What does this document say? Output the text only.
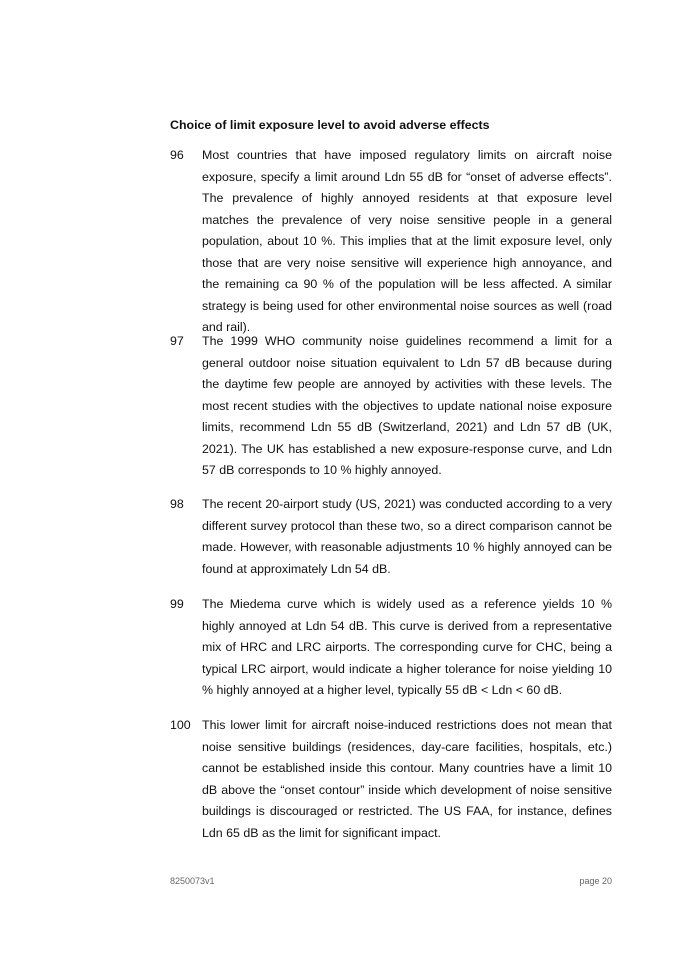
Choice of limit exposure level to avoid adverse effects
96	Most countries that have imposed regulatory limits on aircraft noise exposure, specify a limit around Ldn 55 dB for “onset of adverse effects”. The prevalence of highly annoyed residents at that exposure level matches the prevalence of very noise sensitive people in a general population, about 10 %. This implies that at the limit exposure level, only those that are very noise sensitive will experience high annoyance, and the remaining ca 90 % of the population will be less affected. A similar strategy is being used for other environmental noise sources as well (road and rail).
97	The 1999 WHO community noise guidelines recommend a limit for a general outdoor noise situation equivalent to Ldn 57 dB because during the daytime few people are annoyed by activities with these levels. The most recent studies with the objectives to update national noise exposure limits, recommend Ldn 55 dB (Switzerland, 2021) and Ldn 57 dB (UK, 2021). The UK has established a new exposure-response curve, and Ldn 57 dB corresponds to 10 % highly annoyed.
98	The recent 20-airport study (US, 2021) was conducted according to a very different survey protocol than these two, so a direct comparison cannot be made. However, with reasonable adjustments 10 % highly annoyed can be found at approximately Ldn 54 dB.
99	The Miedema curve which is widely used as a reference yields 10 % highly annoyed at Ldn 54 dB. This curve is derived from a representative mix of HRC and LRC airports. The corresponding curve for CHC, being a typical LRC airport, would indicate a higher tolerance for noise yielding 10 % highly annoyed at a higher level, typically 55 dB < Ldn < 60 dB.
100 This lower limit for aircraft noise-induced restrictions does not mean that noise sensitive buildings (residences, day-care facilities, hospitals, etc.) cannot be established inside this contour. Many countries have a limit 10 dB above the “onset contour” inside which development of noise sensitive buildings is discouraged or restricted. The US FAA, for instance, defines Ldn 65 dB as the limit for significant impact.
8250073v1	page 20
